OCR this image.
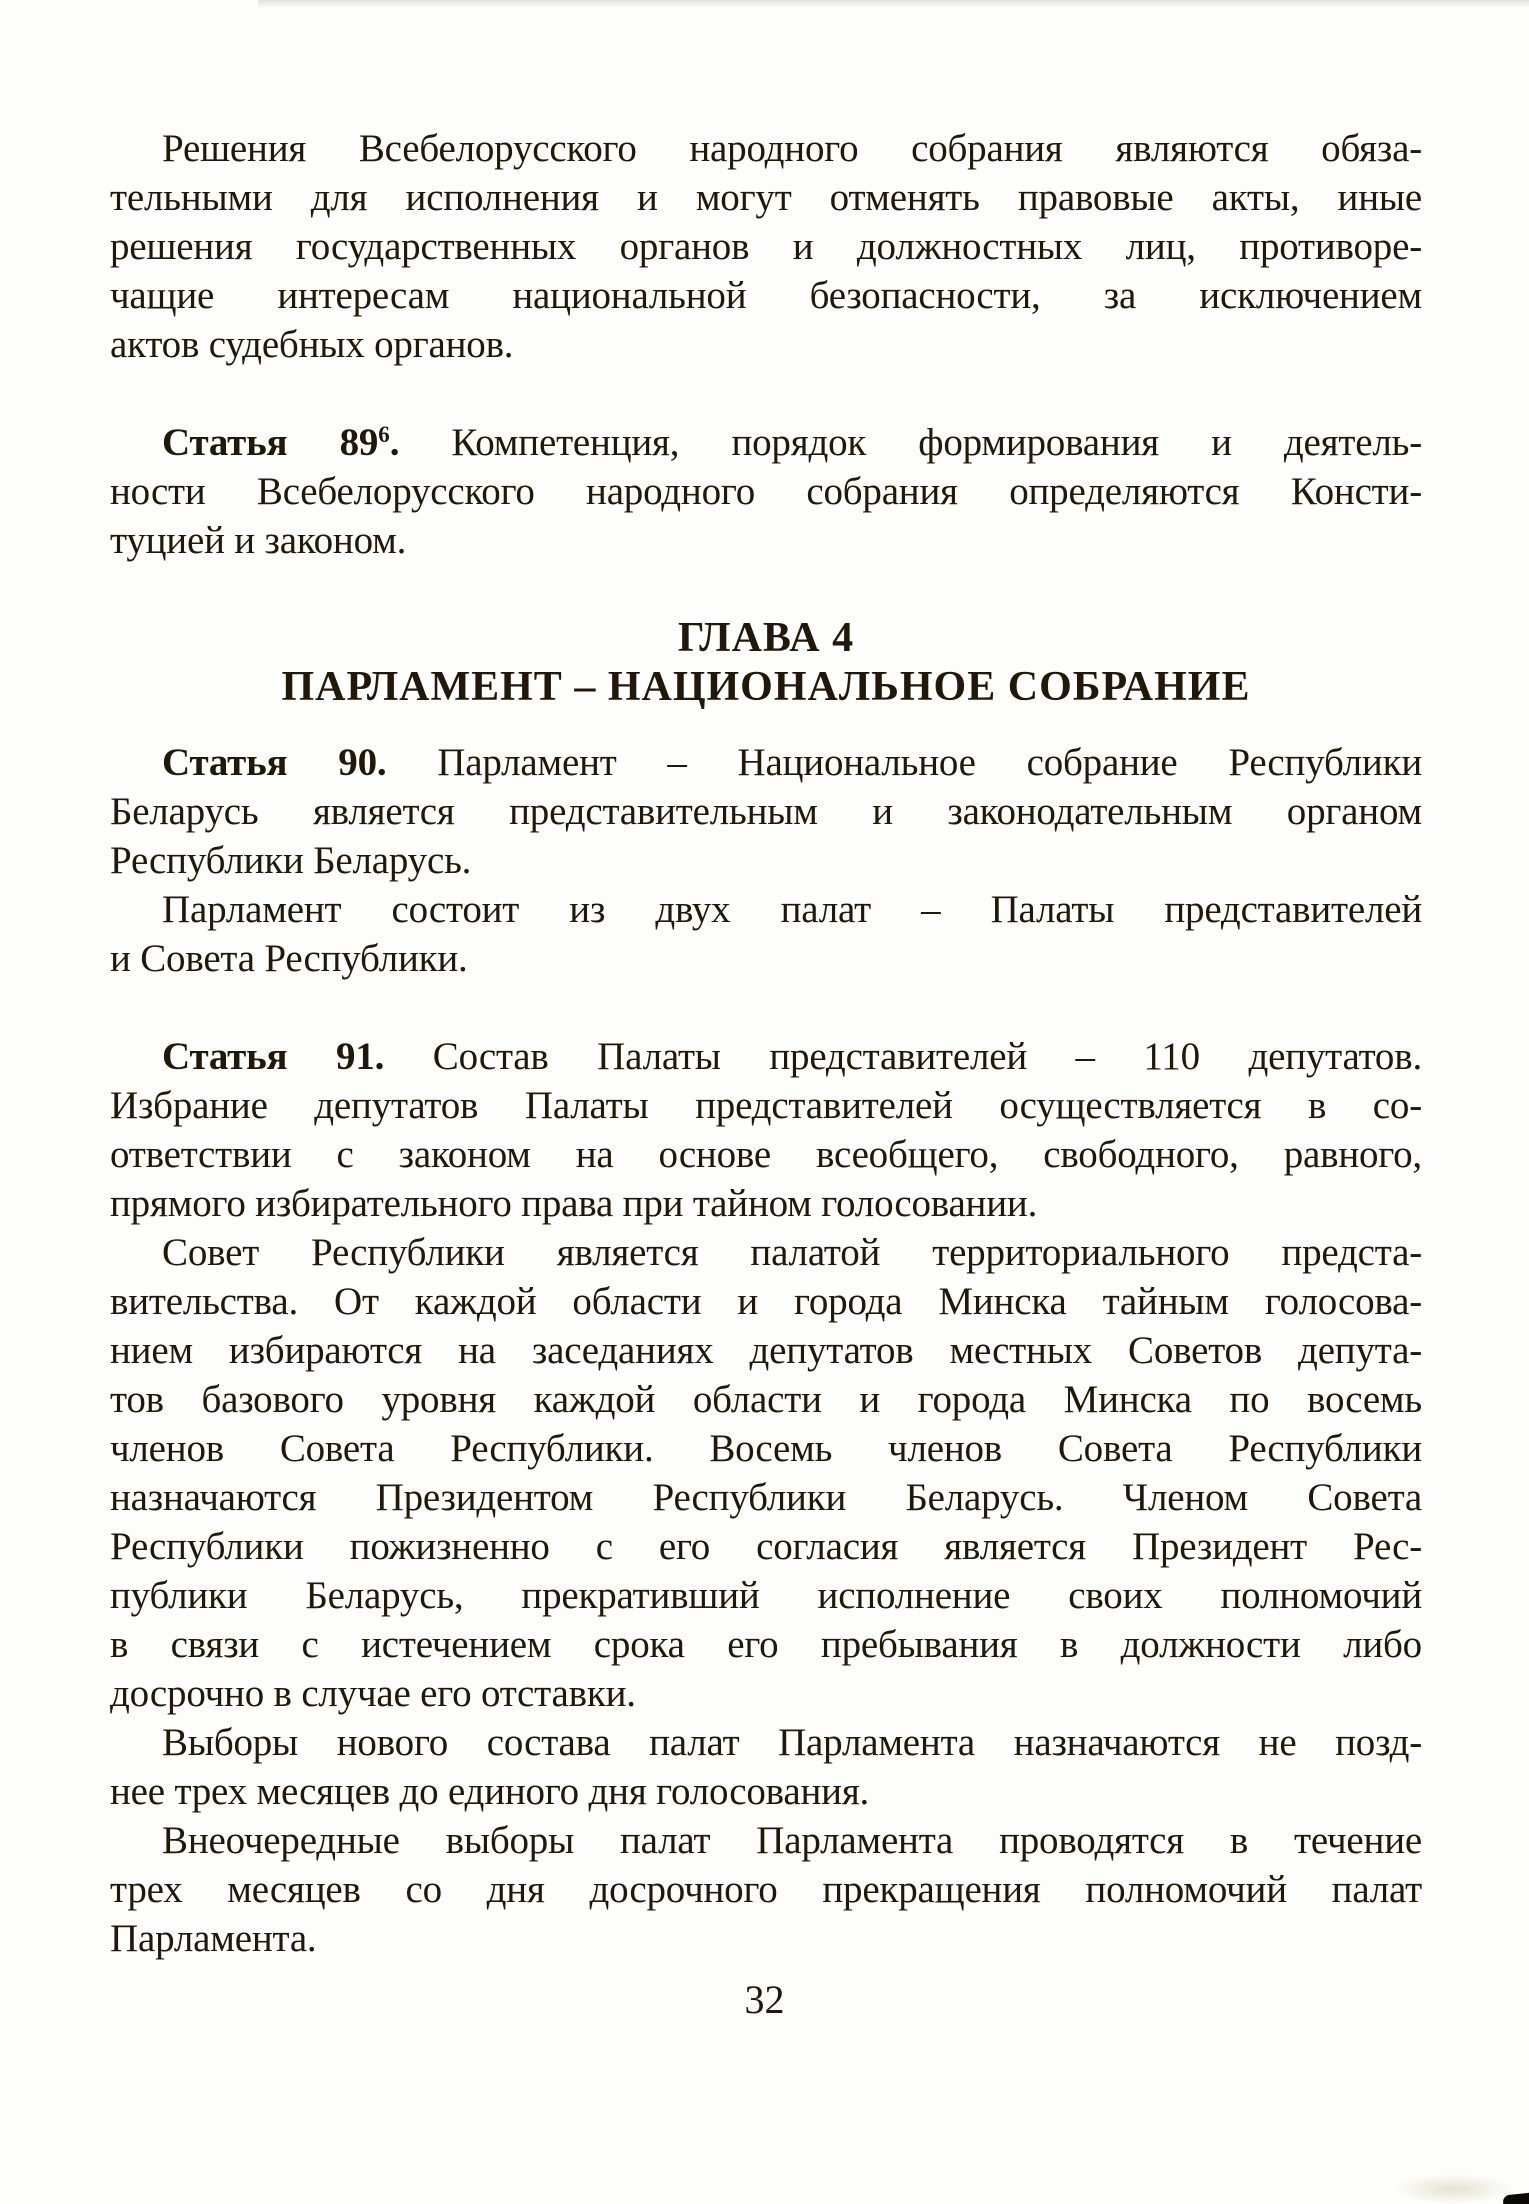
Решения Всебелорусского народного собрания являются обяза-
тельными для исполнения и могут отменять правовые акты, иные
решения государственных органов и должностных лиц, противоре-
чащие интересам национальной безопасности, за исключением
актов судебных органов.
Статья $89^6$. Компетенция, порядок формирования и деятель-
ности Всебелорусского народного собрания определяются Консти-
туцией и законом.
ГЛАВА 4
ПАРЛАМЕНТ – НАЦИОНАЛЬНОЕ СОБРАНИЕ
Статья 90. Парламент – Национальное собрание Республики
Беларусь является представительным и законодательным органом
Республики Беларусь.
Парламент состоит из двух палат – Палаты представителей
и Совета Республики.
Статья 91. Состав Палаты представителей – 110 депутатов.
Избрание депутатов Палаты представителей осуществляется в со-
ответствии с законом на основе всеобщего, свободного, равного,
прямого избирательного права при тайном голосовании.
Совет Республики является палатой территориального предста-
вительства. От каждой области и города Минска тайным голосова-
нием избираются на заседаниях депутатов местных Советов депута-
тов базового уровня каждой области и города Минска по восемь
членов Совета Республики. Восемь членов Совета Республики
назначаются Президентом Республики Беларусь. Членом Совета
Республики пожизненно с его согласия является Президент Рес-
публики Беларусь, прекративший исполнение своих полномочий
в связи с истечением срока его пребывания в должности либо
досрочно в случае его отставки.
Выборы нового состава палат Парламента назначаются не позд-
нее трех месяцев до единого дня голосования.
Внеочередные выборы палат Парламента проводятся в течение
трех месяцев со дня досрочного прекращения полномочий палат
Парламента.
32
